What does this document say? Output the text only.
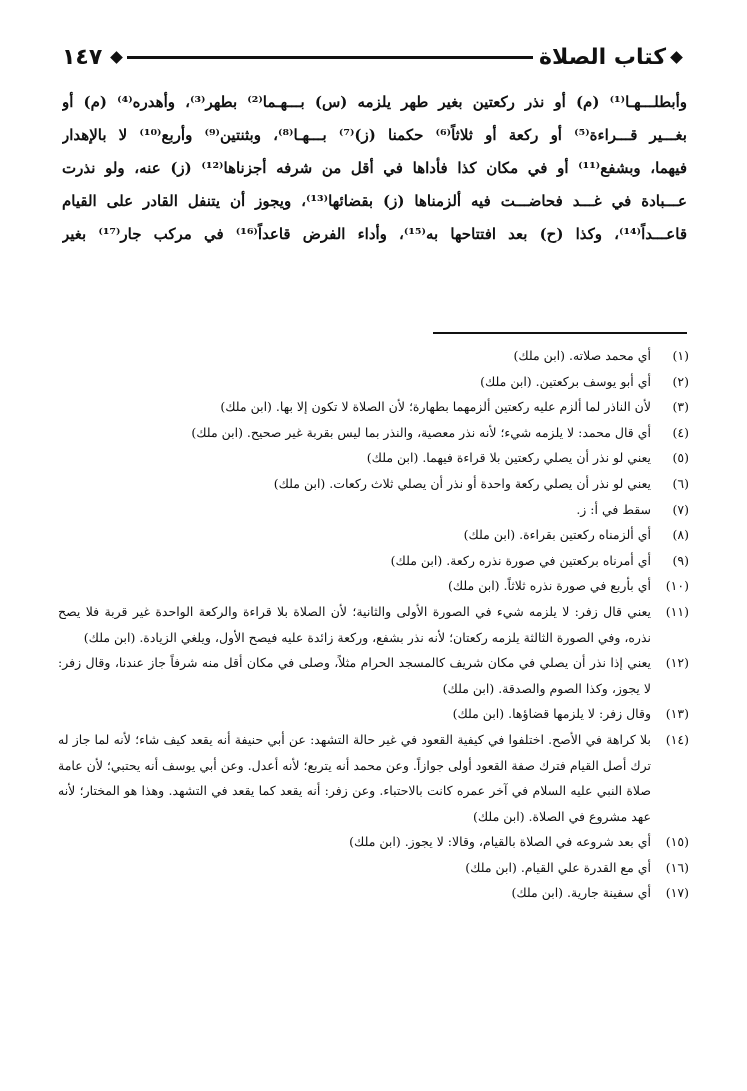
كتاب الصلاة
١٤٧
وأبطلـــهـا⁽¹⁾ (م) أو نذر ركعتين بغير طهر يلزمه (س) بـــهـما⁽²⁾ بطهر⁽³⁾، وأهدره⁽⁴⁾ (م) أو
بغـــير قـــراءة⁽⁵⁾ أو ركعة أو ثلاثاً⁽⁶⁾ حكمنا (ز)⁽⁷⁾ بـــهـا⁽⁸⁾، وبثنتين⁽⁹⁾ وأربع⁽¹⁰⁾ لا بالإهدار
فيهما، وبشفع⁽¹¹⁾ أو في مكان كذا فأداها في أقل من شرفه أجزناها⁽¹²⁾ (ز) عنه، ولو نذرت
عـــبادة في غـــد فحاضـــت فيه ألزمناها (ز) بقضائها⁽¹³⁾، ويجوز أن يتنفل القادر على القيام
قاعـــداً⁽¹⁴⁾، وكذا (ح) بعد افتتاحها به⁽¹⁵⁾، وأداء الفرض قاعداً⁽¹⁶⁾ في مركب جار⁽¹⁷⁾ بغير
(١)
أي محمد صلاته. (ابن ملك)
(٢)
أي أبو يوسف بركعتين. (ابن ملك)
(٣)
لأن الناذر لما ألزم عليه ركعتين ألزمهما بطهارة؛ لأن الصلاة لا تكون إلا بها. (ابن ملك)
(٤)
أي قال محمد: لا يلزمه شيء؛ لأنه نذر معصية، والنذر بما ليس بقربة غير صحيح. (ابن ملك)
(٥)
يعني لو نذر أن يصلي ركعتين بلا قراءة فيهما. (ابن ملك)
(٦)
يعني لو نذر أن يصلي ركعة واحدة أو نذر أن يصلي ثلاث ركعات. (ابن ملك)
(٧)
سقط في أ: ز.
(٨)
أي ألزمناه ركعتين بقراءة. (ابن ملك)
(٩)
أي أمرناه بركعتين في صورة نذره ركعة. (ابن ملك)
(١٠)
أي بأربع في صورة نذره ثلاثاً. (ابن ملك)
(١١)
يعني قال زفر: لا يلزمه شيء في الصورة الأولى والثانية؛ لأن الصلاة بلا قراءة والركعة الواحدة غير قربة فلا يصح نذره، وفي الصورة الثالثة يلزمه ركعتان؛ لأنه نذر بشفع، وركعة زائدة عليه فيصح الأول، ويلغي الزيادة. (ابن ملك)
(١٢)
يعني إذا نذر أن يصلي في مكان شريف كالمسجد الحرام مثلاً، وصلى في مكان أقل منه شرفاً جاز عندنا، وقال زفر: لا يجوز، وكذا الصوم والصدقة. (ابن ملك)
(١٣)
وقال زفر: لا يلزمها قضاؤها. (ابن ملك)
(١٤)
بلا كراهة في الأصح. اختلفوا في كيفية القعود في غير حالة التشهد: عن أبي حنيفة أنه يقعد كيف شاء؛ لأنه لما جاز له ترك أصل القيام فترك صفة القعود أولى جوازاً. وعن محمد أنه يتربع؛ لأنه أعدل. وعن أبي يوسف أنه يحتبي؛ لأن عامة صلاة النبي عليه السلام في آخر عمره كانت بالاحتباء. وعن زفر: أنه يقعد كما يقعد في التشهد. وهذا هو المختار؛ لأنه عهد مشروع في الصلاة. (ابن ملك)
(١٥)
أي بعد شروعه في الصلاة بالقيام، وقالا: لا يجوز. (ابن ملك)
(١٦)
أي مع القدرة علي القيام. (ابن ملك)
(١٧)
أي سفينة جارية. (ابن ملك)
